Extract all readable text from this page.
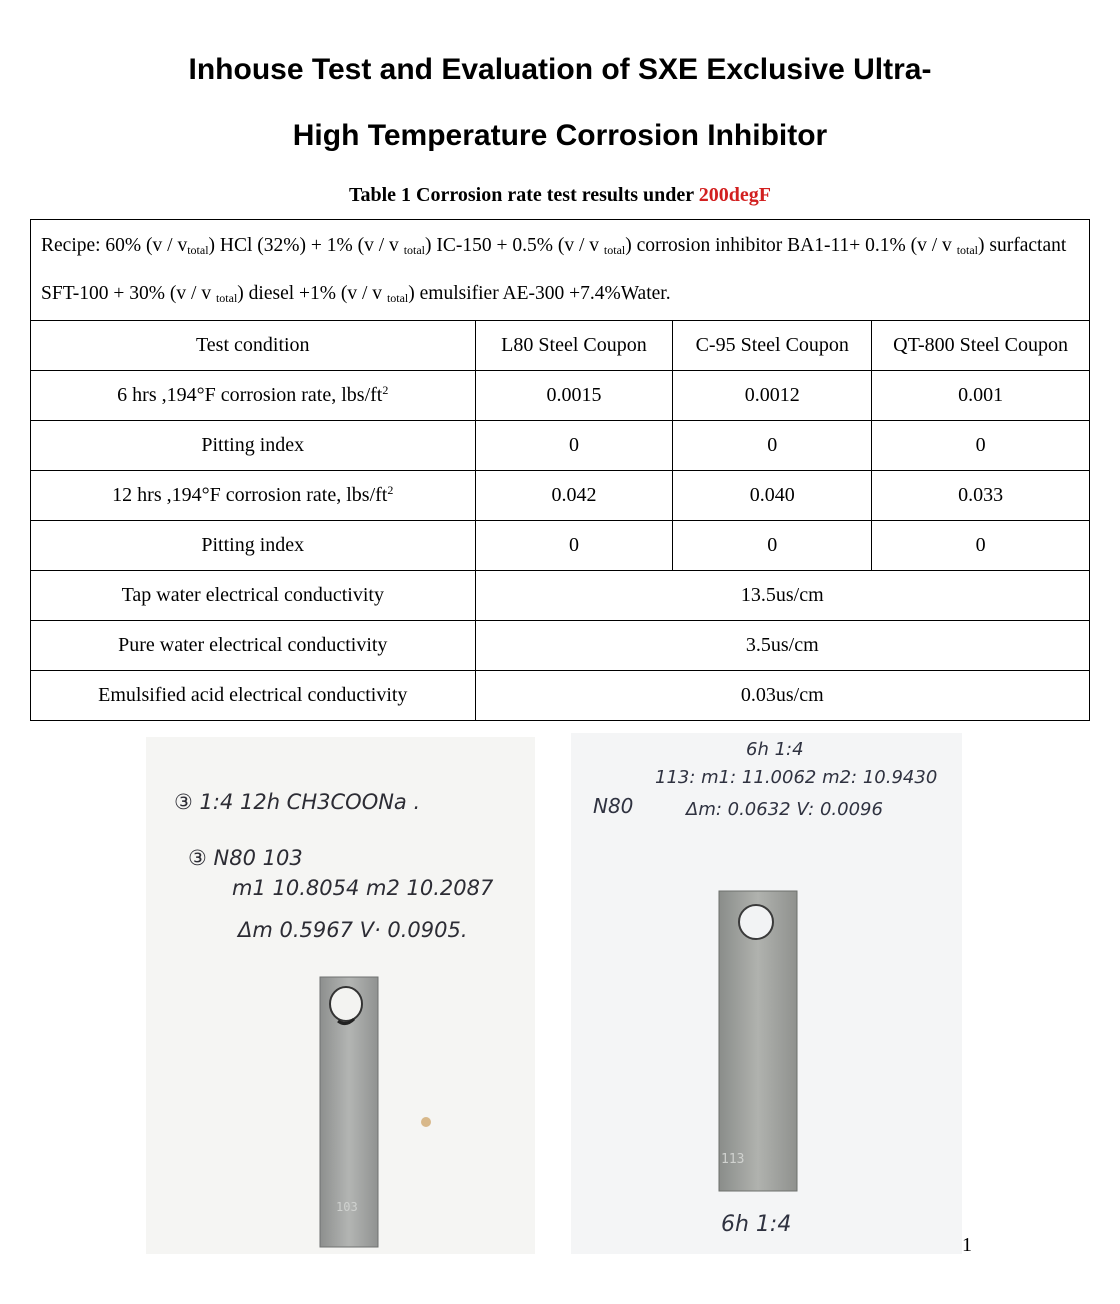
Inhouse Test and Evaluation of SXE Exclusive Ultra-
High Temperature Corrosion Inhibitor
Table 1 Corrosion rate test results under 200degF
Recipe: 60% $(v / v_{total})$ HCl (32%) + 1% (v / v $_{total}$) IC-150 + 0.5% (v / v $_{total}$) corrosion inhibitor BA1-11+ 0.1% (v / v $_{total}$) surfactant SFT-100 + 30% (v / v $_{total}$) diesel +1% (v / v $_{total}$) emulsifier AE-300 +7.4%Water.			
Test condition	L80 Steel Coupon	C-95 Steel Coupon	QT-800 Steel Coupon
6 hrs ,194°F corrosion rate, lbs/$ft^2$	0.0015	0.0012	0.001
Pitting index	0	0	0
12 hrs ,194°F corrosion rate, lbs/$ft^2$	0.042	0.040	0.033
Pitting index	0	0	0
Tap water electrical conductivity	13.5us/cm		
Pure water electrical conductivity	3.5us/cm		
Emulsified acid electrical conductivity	0.03us/cm		
③ 1:4 12h CH3COONa .
③ N80 103
m1 10.8054 m2 10.2087
Δm 0.5967 V· 0.0905.
103
6h 1:4
113: m1: 11.0062 m2: 10.9430
N80	Δm: 0.0632 V: 0.0096
6h 1:4
113
1
